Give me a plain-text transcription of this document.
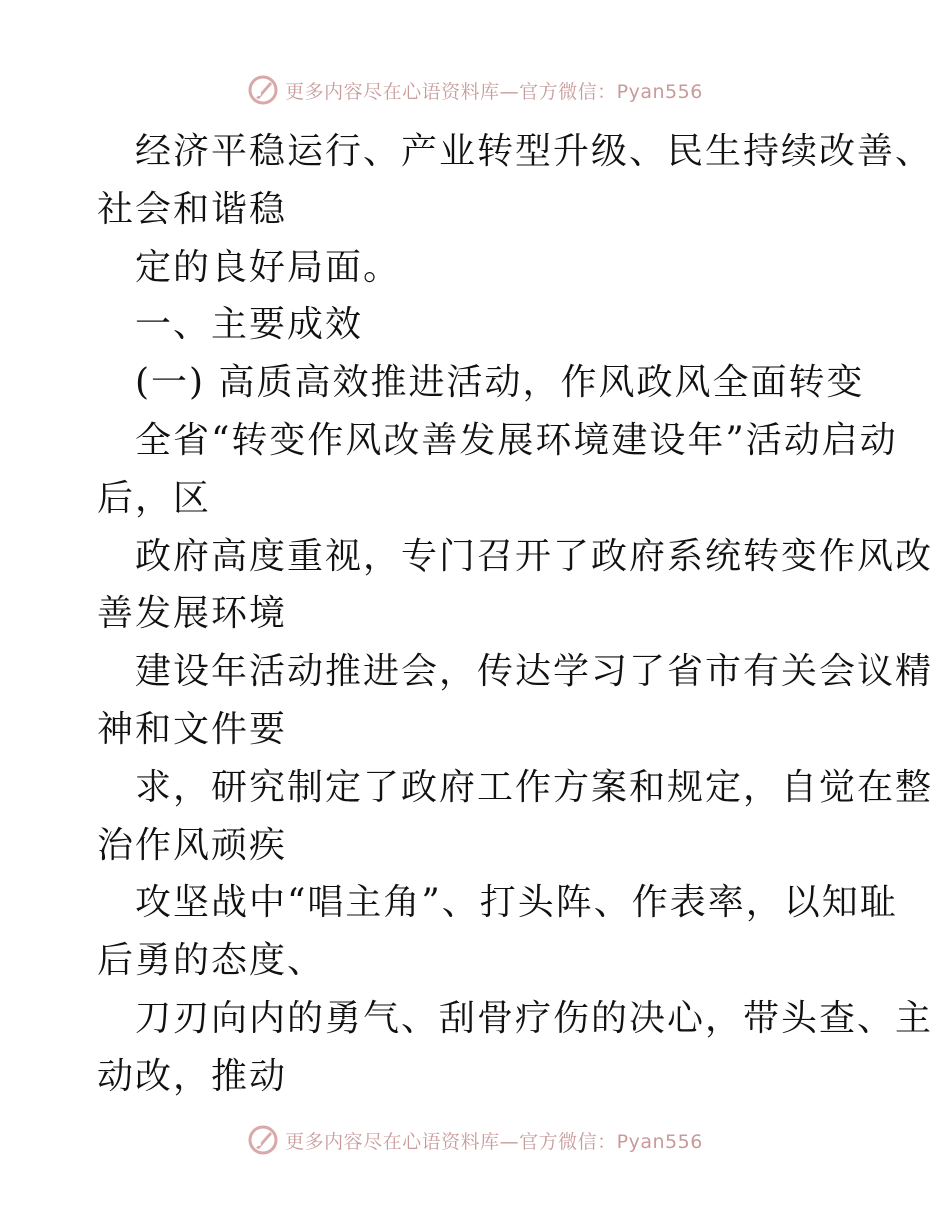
更多内容尽在心语资料库—官方微信：Pyan556
经济平稳运行、产业转型升级、民生持续改善、
社会和谐稳
定的良好局面。
一、主要成效
(一) 高质高效推进活动，作风政风全面转变
全省“转变作风改善发展环境建设年”活动启动
后，区
政府高度重视，专门召开了政府系统转变作风改
善发展环境
建设年活动推进会，传达学习了省市有关会议精
神和文件要
求，研究制定了政府工作方案和规定，自觉在整
治作风顽疾
攻坚战中“唱主角”、打头阵、作表率，以知耻
后勇的态度、
刀刃向内的勇气、刮骨疗伤的决心，带头查、主
动改，推动
更多内容尽在心语资料库—官方微信：Pyan556
